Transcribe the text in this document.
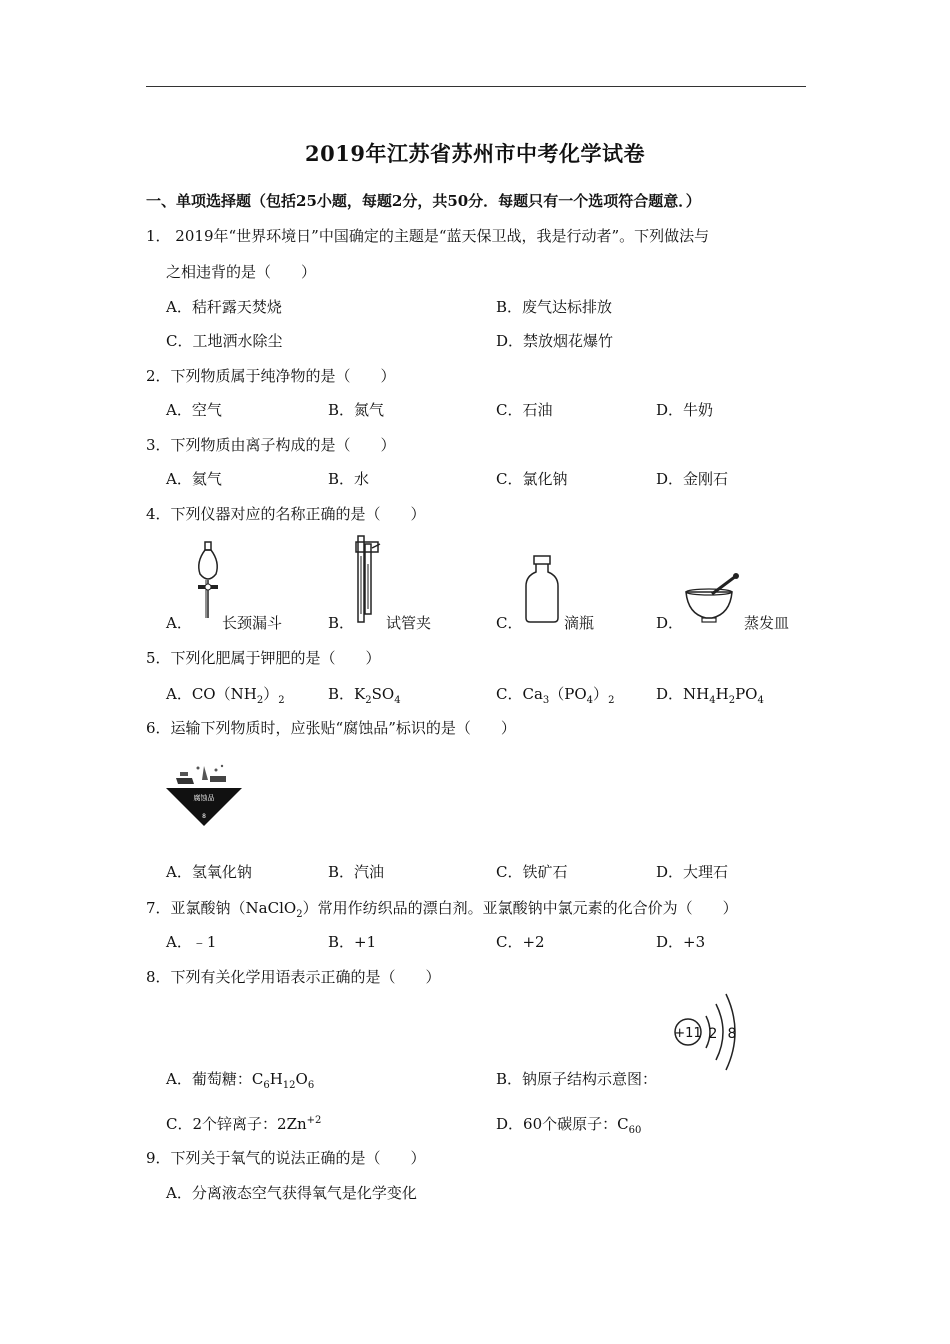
2019年江苏省苏州市中考化学试卷
一、单项选择题（包括25小题，每题2分，共50分．每题只有一个选项符合题意．）
1． 2019年“世界环境日”中国确定的主题是“蓝天保卫战，我是行动者”。下列做法与
之相违背的是（　　）
A．秸秆露天焚烧	B．废气达标排放
C．工地洒水除尘	D．禁放烟花爆竹
2．下列物质属于纯净物的是（　　）
A．空气	B．氮气	C．石油	D．牛奶
3．下列物质由离子构成的是（　　）
A．氦气	B．水	C．氯化钠	D．金刚石
4．下列仪器对应的名称正确的是（　　）
A． 长颈漏斗	B． 试管夹	C．	滴瓶	D．	蒸发皿
5．下列化肥属于钾肥的是（　　）
A．$CO(NH_2)_2$	B．$K_2SO_4$	C．$Ca_3(PO_4)_2$	D．$NH_4H_2PO_4$
6．运输下列物质时，应张贴“腐蚀品”标识的是（　　）
腐蚀品
8
A．氢氧化钠	B．汽油	C．铁矿石	D．大理石
7．亚氯酸钠（NaClO$_2$）常用作纺织品的漂白剂。亚氯酸钠中氯元素的化合价为（　　）
A．﹣1	B．+1	C．+2	D．+3
8．下列有关化学用语表示正确的是（　　）
+11 2 8
A．葡萄糖：$C_6H_{12}O_6$	B．钠原子结构示意图：
C．2个锌离子：$2Zn^{+2}$	D．60个碳原子：$C_{60}$
9．下列关于氧气的说法正确的是（　　）
A．分离液态空气获得氧气是化学变化
